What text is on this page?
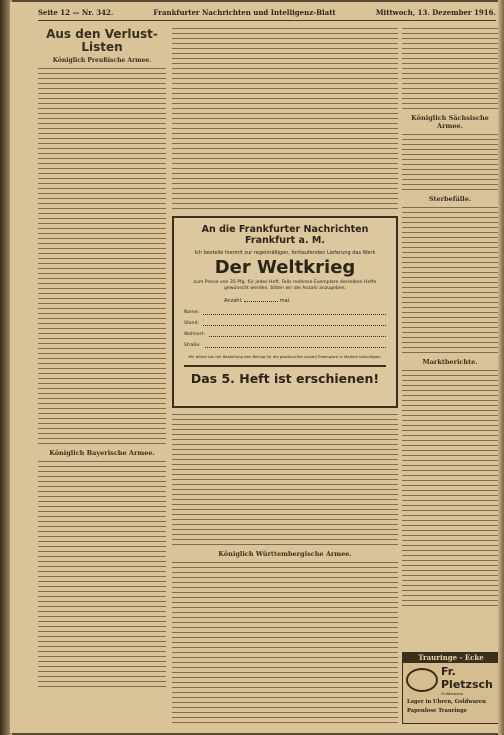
Seite 12 — Nr. 342.	Frankfurter Nachrichten und Intelligenz-Blatt	Mittwoch, 13. Dezember 1916.
Aus den Verlust-Listen
Königlich Preußische Armee.
Königlich Bayerische Armee.
Königlich Württembergische Armee.
Königlich Sächsische Armee.
Sterbefälle.
Marktberichte.
An die Frankfurter Nachrichten
Frankfurt a. M.
Ich bestelle hiermit zur regelmäßigen, fortlaufenden Lieferung das Werk
Der Weltkrieg
zum Preise von 35 Pfg. für jedes Heft. Falls mehrere Exemplare derselben Hefte gewünscht werden, bitten wir die Anzahl anzugeben.
Anzahl:	mal.
Name:
Stand:
Wohnort:
Straße:
Wir bitten bei der Bestellung den Betrag für die gewünschte Anzahl Exemplare in Marken beizufügen.
Das 5. Heft ist erschienen!
Trauringe - Ecke
Fr. Pletzsch
Goldwaren
Lager in Uhren, Goldwaren
Papenlose Trauringe
